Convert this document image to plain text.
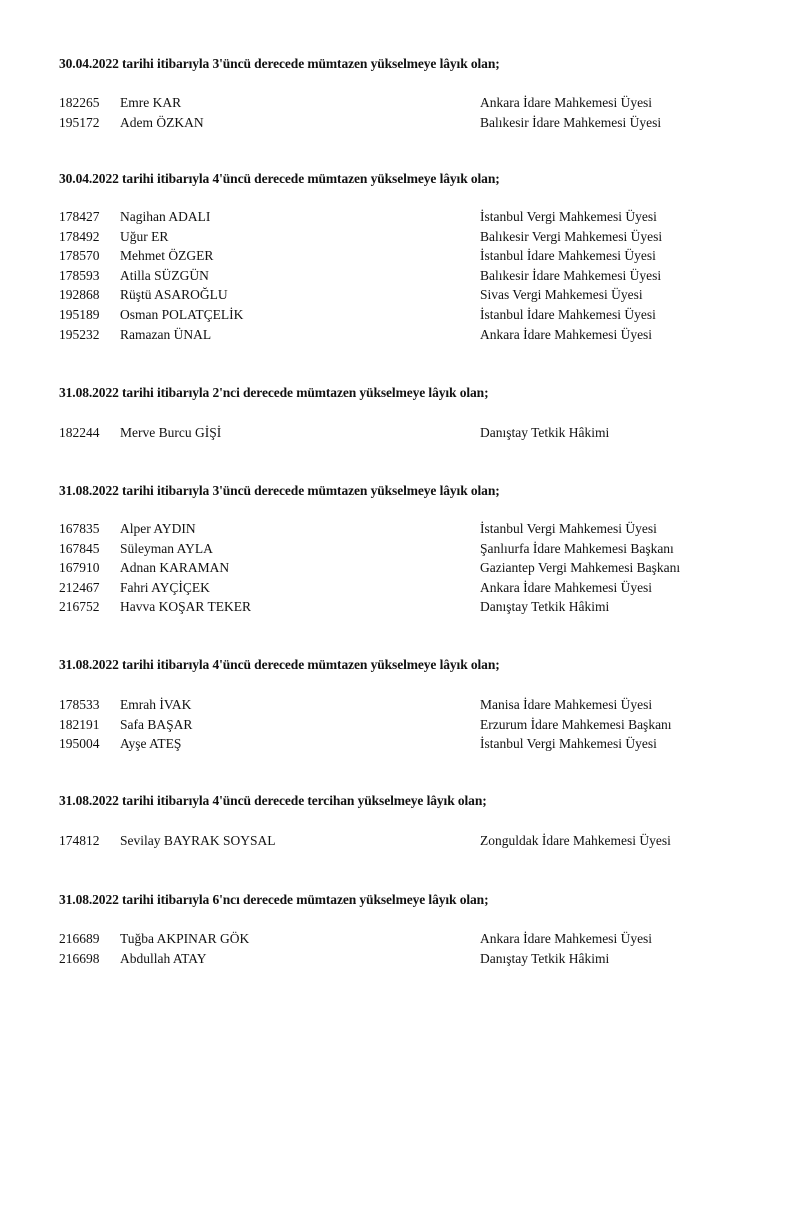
30.04.2022 tarihi itibarıyla 3'üncü derecede mümtazen yükselmeye lâyık olan;
182265 Emre KAR	Ankara İdare Mahkemesi Üyesi
195172 Adem ÖZKAN	Balıkesir İdare Mahkemesi Üyesi
30.04.2022 tarihi itibarıyla 4'üncü derecede mümtazen yükselmeye lâyık olan;
178427 Nagihan ADALI	İstanbul Vergi Mahkemesi Üyesi
178492 Uğur ER	Balıkesir Vergi Mahkemesi Üyesi
178570 Mehmet ÖZGER	İstanbul İdare Mahkemesi Üyesi
178593 Atilla SÜZGÜN	Balıkesir İdare Mahkemesi Üyesi
192868 Rüştü ASAROĞLU	Sivas Vergi Mahkemesi Üyesi
195189 Osman POLATÇELİK	İstanbul İdare Mahkemesi Üyesi
195232 Ramazan ÜNAL	Ankara İdare Mahkemesi Üyesi
31.08.2022 tarihi itibarıyla 2'nci derecede mümtazen yükselmeye lâyık olan;
182244 Merve Burcu GİŞİ	Danıştay Tetkik Hâkimi
31.08.2022 tarihi itibarıyla 3'üncü derecede mümtazen yükselmeye lâyık olan;
167835 Alper AYDIN	İstanbul Vergi Mahkemesi Üyesi
167845 Süleyman AYLA	Şanlıurfa İdare Mahkemesi Başkanı
167910 Adnan KARAMAN	Gaziantep Vergi Mahkemesi Başkanı
212467 Fahri AYÇİÇEK	Ankara İdare Mahkemesi Üyesi
216752 Havva KOŞAR TEKER	Danıştay Tetkik Hâkimi
31.08.2022 tarihi itibarıyla 4'üncü derecede mümtazen yükselmeye lâyık olan;
178533 Emrah İVAK	Manisa İdare Mahkemesi Üyesi
182191 Safa BAŞAR	Erzurum İdare Mahkemesi Başkanı
195004 Ayşe ATEŞ	İstanbul Vergi Mahkemesi Üyesi
31.08.2022 tarihi itibarıyla 4'üncü derecede tercihan yükselmeye lâyık olan;
174812 Sevilay BAYRAK SOYSAL	Zonguldak İdare Mahkemesi Üyesi
31.08.2022 tarihi itibarıyla 6'ncı derecede mümtazen yükselmeye lâyık olan;
216689 Tuğba AKPINAR GÖK	Ankara İdare Mahkemesi Üyesi
216698 Abdullah ATAY	Danıştay Tetkik Hâkimi
